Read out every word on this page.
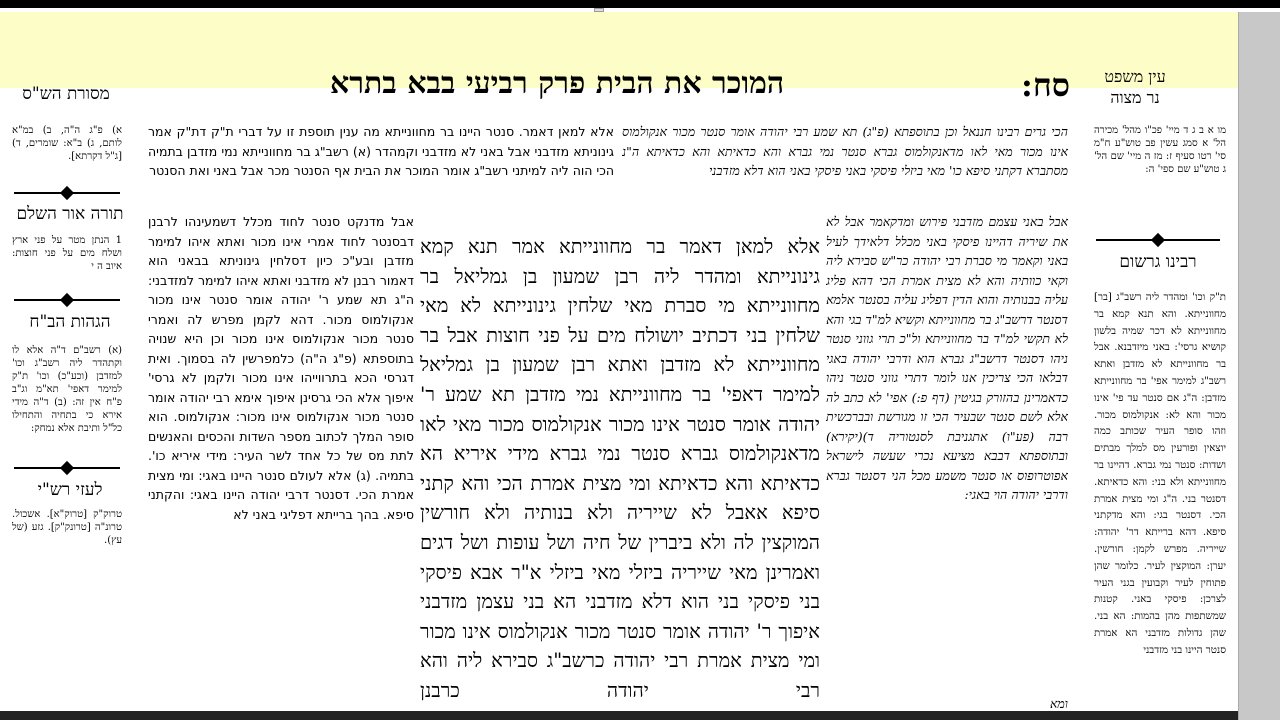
עין משפט
נר מצוה
סח:
המוכר את הבית פרק רביעי בבא בתרא
מסורת הש"ס
מו א ב ג ד מיי' פכ"ו מהל' מכירה הל' א סמג עשין פב טוש"ע ח"מ סי' רטו סעיף ז: מז ה מיי' שם הל' ג טוש"ע שם ספי' ה:
רבינו גרשום
ת"ק וכו' ומהדר ליה רשב"ג [בר] מחוונייתא. והא תנא קמא בר מחוונייתא לא דכר שמיה בלשון קושיא גרסי': באני מיזדבנא. אבל בר מחוונייתא לא מזדבן ואתא רשב"ג למימר אפי' בר מחוונייתא מזדבן: ה"ג אם סנטר עד פי' אינו מכור והא לא: אנקולמוס מכור. וזהו סופר העיר שכותב כמה יוצאין ופורעין מס למלך מבתים ושדות: סנטר נמי גברא. דהיינו בר מחוונייתא ולא בני: והא כדאיתא. דסנטר בני. ה"ג ומי מצית אמרת הכי. דסנטר בגי: והא מדקתני סיפא. דהא ברייתא דר' יהודה: שייריה. מפרש לקמן: חורשין. יערן: המוקצין לעיר. כלומר שהן פתוחין לעיר וקבועין בגני העיר לצרכן: פיסקי באני. קטנות שמשתפות מהן בהמות: הא בני. שהן גדולות מזדבני הא אמרת סנטר היינו בני מזדבני
א) פ"ג ה"ה, ב) במ"א לותם, ג) ב"א: שומרים, ד) [ג"ל דקרתא].
תורה אור השלם
1 הנתן מטר על פני ארץ ושלח מים על פני חוצות: איוב ה י
הגהות הב"ח
(א) רשב"ם ד"ה אלא לו וקתהדר ליה רשב"ג וכו' למזדבן (וכע"כ) וכו' ת"ק למימר דאפי' תא"מ וג"ב פ"ח אין זה: (ב) ד"ה מידי אירא כי בתחיה והתחילו כל"ל ותיבת אלא נמחק:
לעזי רש"י
טרוק"ק [טרוק"א]. אשכול. טרונ"ה [טרונק"ק]. גזע (של עץ).
הכי גרים רבינו חננאל וכן בתוספתא (פ"ג) תא שמע רבי יהודה אומר סנטר מכור אנקולמוס אינו מכור מאי לאו מדאנקולמוס גברא סנטר נמי גברא והא כדאיתא והא כדאיתא ה"נ מסתברא דקתני סיפא כו' מאי ביזלי פיסקי באני פיסקי באני הוא דלא מזדבני
אלא למאן דאמר. סנטר היינו בר מחוונייתא מה ענין תוספת זו על דברי ת"ק דת"ק אמר גינוניתא מזדבני אבל באני לא מזדבני וקמהדר (א) רשב"ג בר מחוונייתא נמי מזדבן בתמיה הכי הוה ליה למיתני רשב"ג אומר המוכר את הבית אף הסנטר מכר אבל באני ואת הסנטר
אבל באני עצמם מזדבני פירוש ומדקאמר אבל לא את שיריה דהיינו פיסקי באני מכלל דלאידך לעיל באני וקאמר מי סברת רבי יהודה כר"ש סבירא ליה וקאי כוותיה והא לא מצית אמרת הכי דהא פליג עליה בבנותיה והוא הדין דפליג עליה בסנטר אלמא דסנטר דרשב"ג בר מחוונייתא וקשיא למ"ד בגי והא לא תקשי למ"ד בר מחוונייתא ול"כ תרי גווני סנטר ניהו דסנטר דרשב"ג גברא הוא ודרבי יהודה באגי דבלאו הכי צריכין אנו לומר דתרי גווני סנטר ניהו כדאמרינן בהזורק בגיטין (דף פ:) אפי' לא כתב לה אלא לשם סנטר שבעיר הכי זו מגורשת ובברכשית רבה (פע"ו) אתגניבת לסנטוריה ד)(יקירא) ובתוספתא דבבא מציעא נכרי שעשה לישראל אפוטרופוס או סנטר משמע מכל הני דסנטר גברא ודרבי יהודה הוי באגי:
ומא
אבל מדנקט סנטר לחוד מכלל דשמעינהו לרבנן דבסנטר לחוד אמרי אינו מכור ואתא איהו למימר מזדבן ובע"כ כיון דסלחין גינוניתא בבאני הוא דאמור רבנן לא מזדבני ואתא איהו למימר למזדבני: ה"ג תא שמע ר' יהודה אומר סנטר אינו מכור אנקולמוס מכור. דהא לקמן מפרש לה ואמרי סנטר מכור אנקולמוס אינו מכור וכן היא שנויה בתוספתא (פ"ג ה"ה) כלמפרשין לה בסמוך. ואית דגרסי הכא בתרווייהו אינו מכור ולקמן לא גרסי' איפוך אלא הכי גרסינן איפוך אימא רבי יהודה אומר סנטר מכור אנקולמוס אינו מכור: אנקולמוס. הוא סופר המלך לכתוב מספר השדות והכסים והאנשים לתת מס של כל אחד לשר העיר: מידי איריא כו'. בתמיה. (ג) אלא לעולם סנטר היינו באגי: ומי מצית אמרת הכי. דסנטר דרבי יהודה היינו באגי: והקתני סיפא. בהך ברייתא דפליגי באני לא
אלא למאן דאמר בר מחוונייתא אמר תנא קמא גינונייתא ומהדר ליה רבן שמעון בן גמליאל בר מחוונייתא מי סברת מאי שלחין גינונייתא לא מאי שלחין בני דכתיב יושולח מים על פני חוצות אבל בר מחוונייתא לא מזדבן ואתא רבן שמעון בן גמליאל למימר דאפי' בר מחוונייתא נמי מזדבן תא שמע ר' יהודה אומר סנטר אינו מכור אנקולמוס מכור מאי לאו מדאנקולמוס גברא סנטר נמי גברא מידי איריא הא כדאיתא והא כדאיתא ומי מצית אמרת הכי והא קתני סיפא אאבל לא שייריה ולא בנותיה ולא חורשין המוקצין לה ולא ביברין של חיה ושל עופות ושל דגים ואמרינן מאי שייריה ביזלי מאי ביזלי א"ר אבא פיסקי בני פיסקי בני הוא דלא מזדבני הא בני עצמן מזדבני איפוך ר' יהודה אומר סנטר מכור אנקולמוס אינו מכור ומי מצית אמרת רבי יהודה כרשב"ג סבירא ליה והא רבי יהודה כרבנן
